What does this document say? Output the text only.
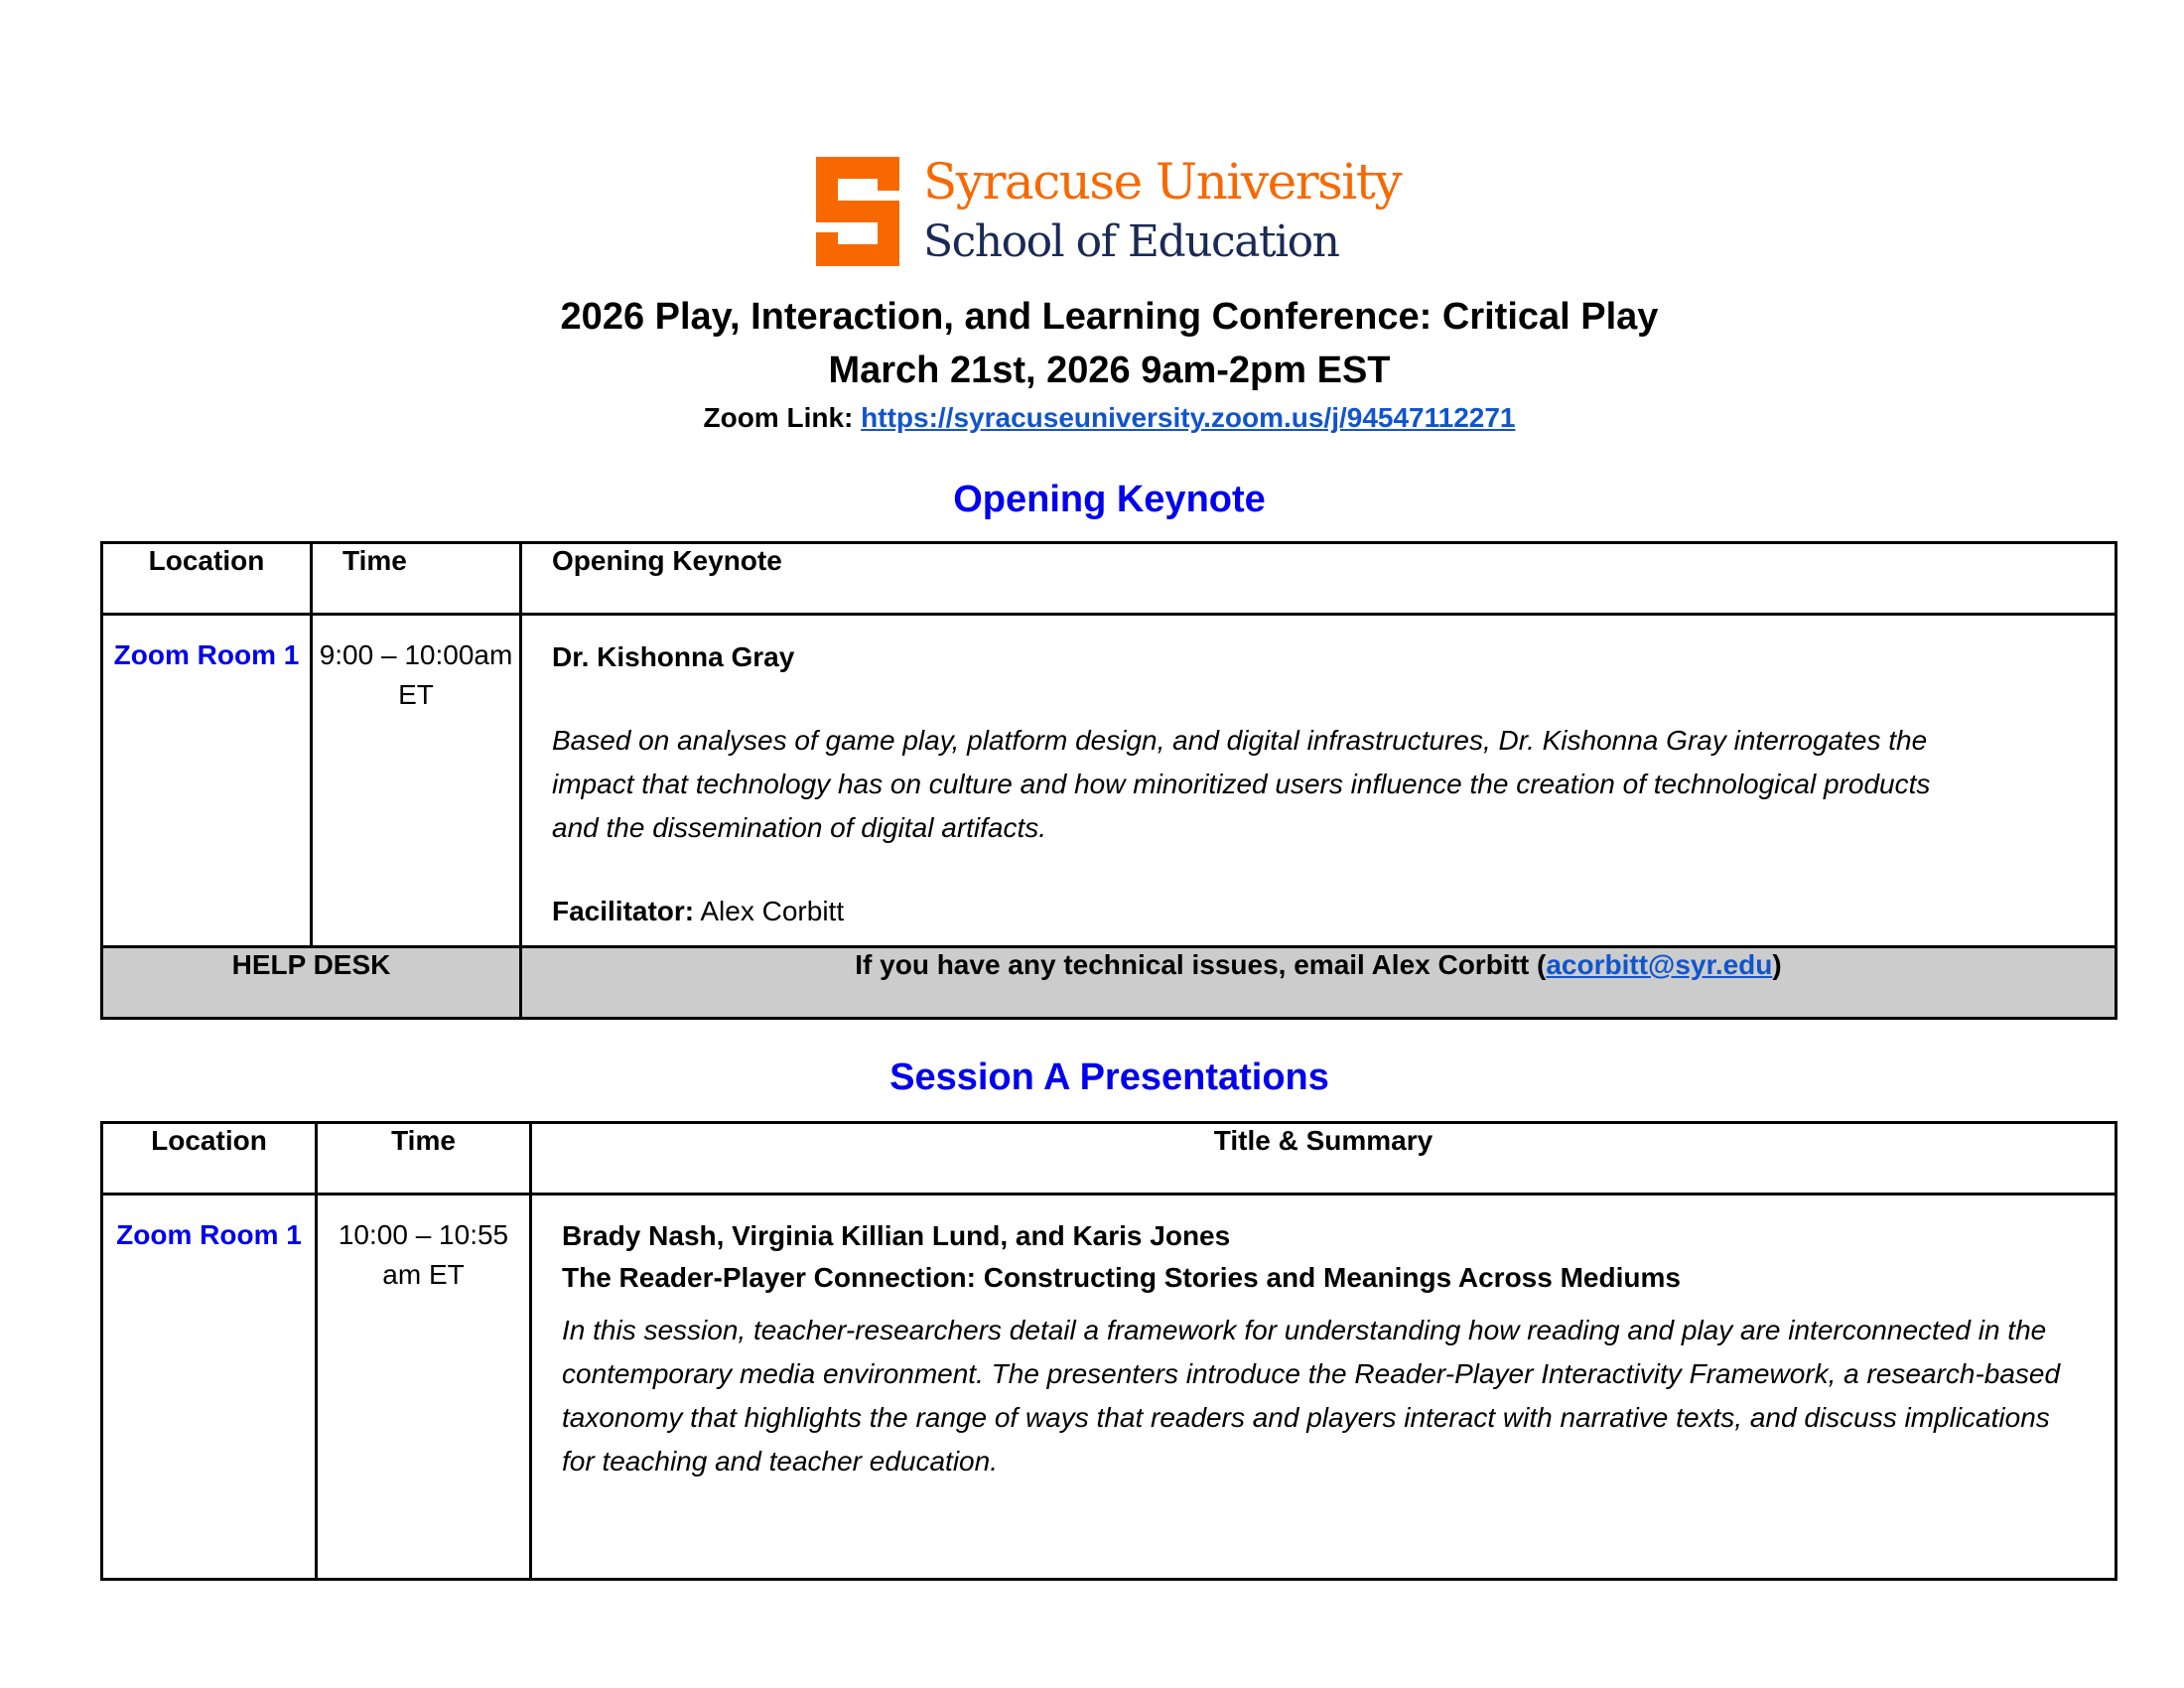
Syracuse University
School of Education
2026 Play, Interaction, and Learning Conference: Critical Play
March 21st, 2026 9am-2pm EST
Zoom Link: https://syracuseuniversity.zoom.us/j/94547112271
Opening Keynote
Location	Time	Opening Keynote
Zoom Room 1	9:00 – 10:00am ET	Dr. Kishonna Gray
Based on analyses of game play, platform design, and digital infrastructures, Dr. Kishonna Gray interrogates the impact that technology has on culture and how minoritized users influence the creation of technological products and the dissemination of digital artifacts.
Facilitator: Alex Corbitt

HELP DESK		If you have any technical issues, email Alex Corbitt (acorbitt@syr.edu)
Session A Presentations
Location	Time	Title & Summary
Zoom Room 1	10:00 – 10:55 am ET	Brady Nash, Virginia Killian Lund, and Karis Jones
The Reader-Player Connection: Constructing Stories and Meanings Across Mediums
In this session, teacher-researchers detail a framework for understanding how reading and play are interconnected in the contemporary media environment. The presenters introduce the Reader-Player Interactivity Framework, a research-based taxonomy that highlights the range of ways that readers and players interact with narrative texts, and discuss implications for teaching and teacher education.
